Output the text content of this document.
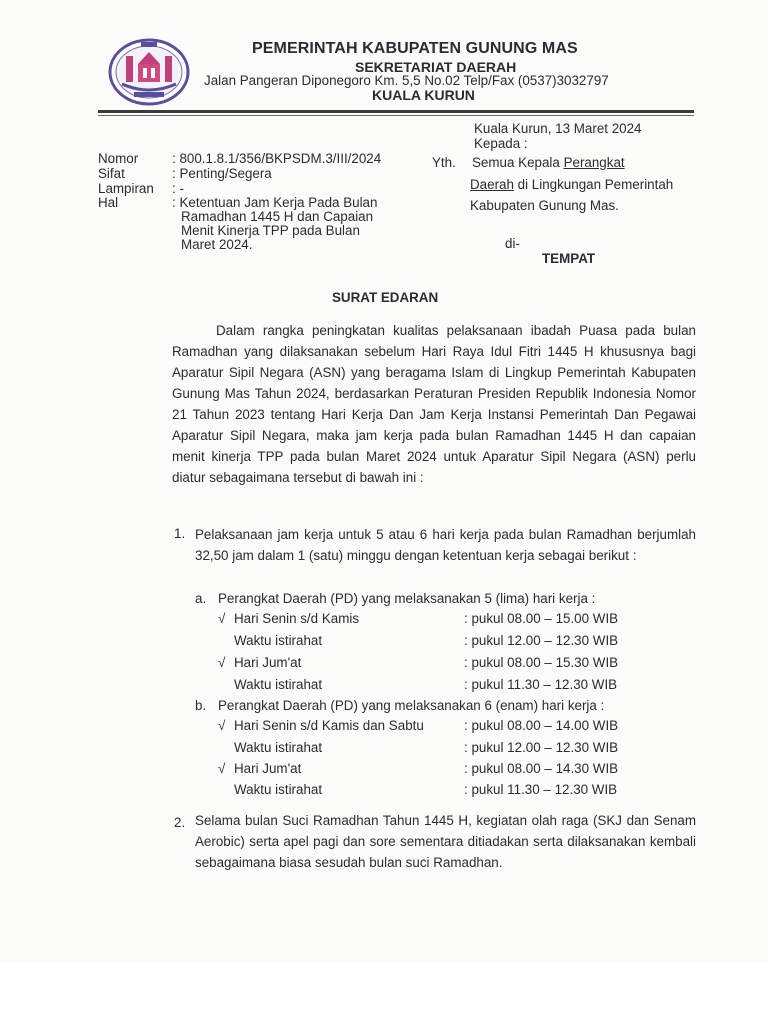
PEMERINTAH KABUPATEN GUNUNG MAS
SEKRETARIAT DAERAH
Jalan Pangeran Diponegoro Km. 5,5 No.02 Telp/Fax (0537)3032797
KUALA KURUN
Kuala Kurun, 13 Maret 2024
Kepada :
Nomor	: 800.1.8.1/356/BKPSDM.3/III/2024
Sifat	: Penting/Segera
Lampiran : -
Hal	: Ketentuan Jam Kerja Pada Bulan
Ramadhan 1445 H dan Capaian
Menit Kinerja TPP pada Bulan
Maret 2024.
Yth. Semua Kepala Perangkat
Daerah di Lingkungan Pemerintah
Kabupaten Gunung Mas.
di-
TEMPAT
SURAT EDARAN
Dalam rangka peningkatan kualitas pelaksanaan ibadah Puasa pada bulan Ramadhan yang dilaksanakan sebelum Hari Raya Idul Fitri 1445 H khususnya bagi Aparatur Sipil Negara (ASN) yang beragama Islam di Lingkup Pemerintah Kabupaten Gunung Mas Tahun 2024, berdasarkan Peraturan Presiden Republik Indonesia Nomor 21 Tahun 2023 tentang Hari Kerja Dan Jam Kerja Instansi Pemerintah Dan Pegawai Aparatur Sipil Negara, maka jam kerja pada bulan Ramadhan 1445 H dan capaian menit kinerja TPP pada bulan Maret 2024 untuk Aparatur Sipil Negara (ASN) perlu diatur sebagaimana tersebut di bawah ini :
1. Pelaksanaan jam kerja untuk 5 atau 6 hari kerja pada bulan Ramadhan berjumlah 32,50 jam dalam 1 (satu) minggu dengan ketentuan kerja sebagai berikut :
a. Perangkat Daerah (PD) yang melaksanakan 5 (lima) hari kerja :
√ Hari Senin s/d Kamis	: pukul 08.00 – 15.00 WIB
Waktu istirahat	: pukul 12.00 – 12.30 WIB
√ Hari Jum'at	: pukul 08.00 – 15.30 WIB
Waktu istirahat	: pukul 11.30 – 12.30 WIB
b. Perangkat Daerah (PD) yang melaksanakan 6 (enam) hari kerja :
√ Hari Senin s/d Kamis dan Sabtu	: pukul 08.00 – 14.00 WIB
Waktu istirahat	: pukul 12.00 – 12.30 WIB
√ Hari Jum'at	: pukul 08.00 – 14.30 WIB
Waktu istirahat	: pukul 11.30 – 12.30 WIB
2. Selama bulan Suci Ramadhan Tahun 1445 H, kegiatan olah raga (SKJ dan Senam Aerobic) serta apel pagi dan sore sementara ditiadakan serta dilaksanakan kembali sebagaimana biasa sesudah bulan suci Ramadhan.
